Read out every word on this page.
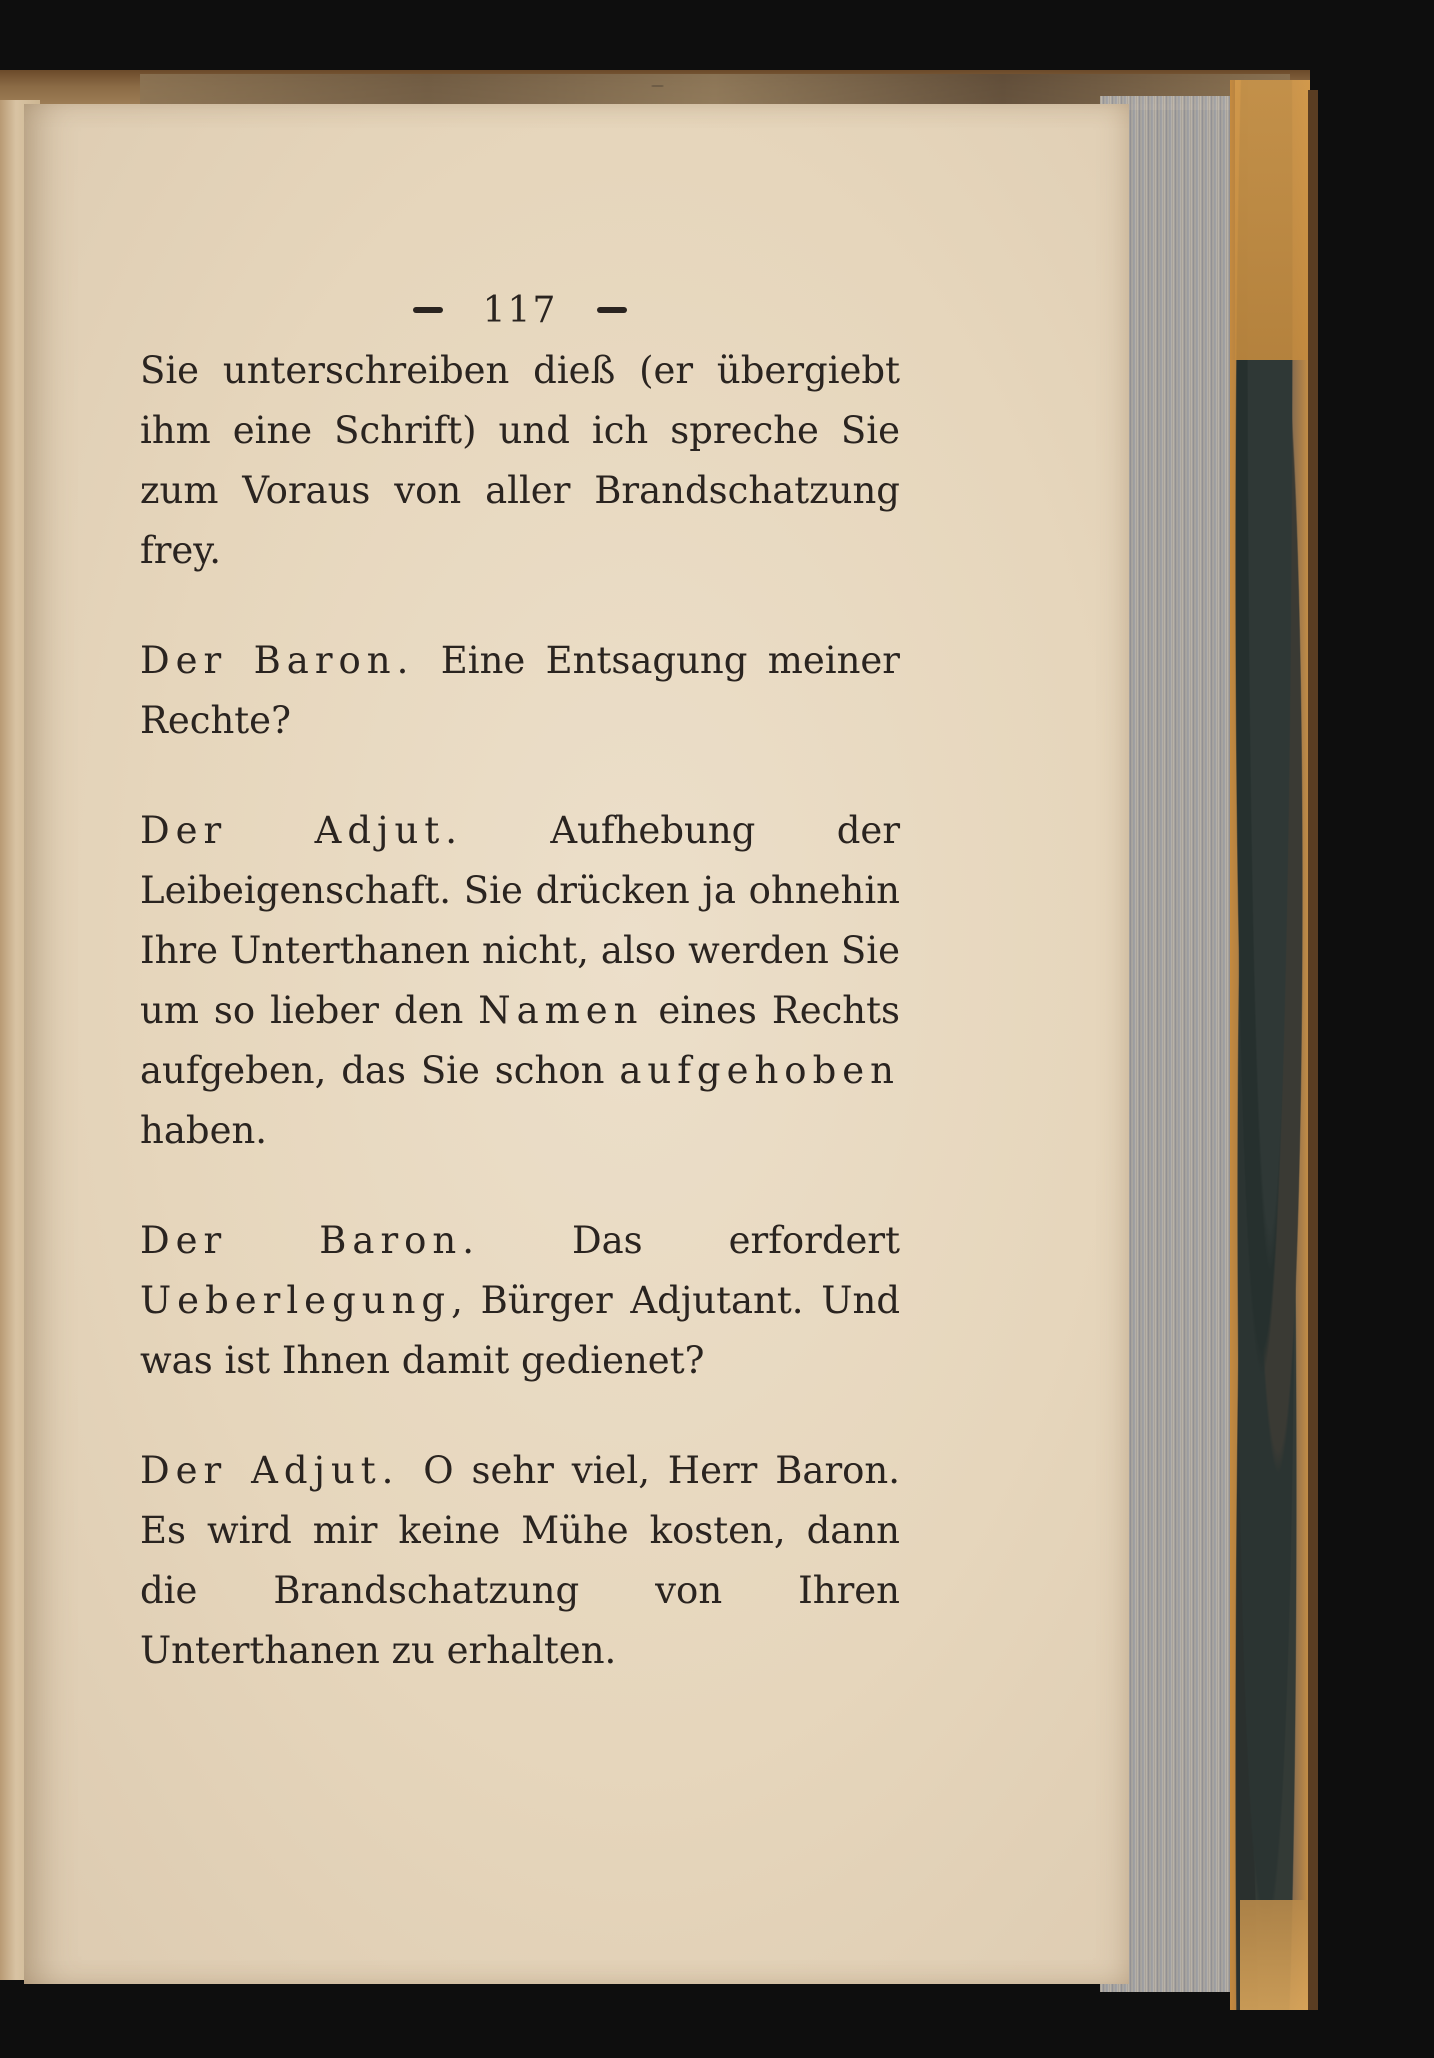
117

Sie unterschreiben dieß (er übergiebt ihm eine Schrift) und ich spreche Sie zum Voraus von aller Brandschatzung frey.

Der Baron. Eine Entsagung meiner Rechte?

Der Adjut. Aufhebung der Leibeigenschaft. Sie drücken ja ohnehin Ihre Unterthanen nicht, also werden Sie um so lieber den Namen eines Rechts aufgeben, das Sie schon aufgehoben haben.

Der Baron. Das erfordert Ueberlegung, Bürger Adjutant. Und was ist Ihnen damit gedienet?

Der Adjut. O sehr viel, Herr Baron. Es wird mir keine Mühe kosten, dann die Brandschatzung von Ihren Unterthanen zu erhalten.
